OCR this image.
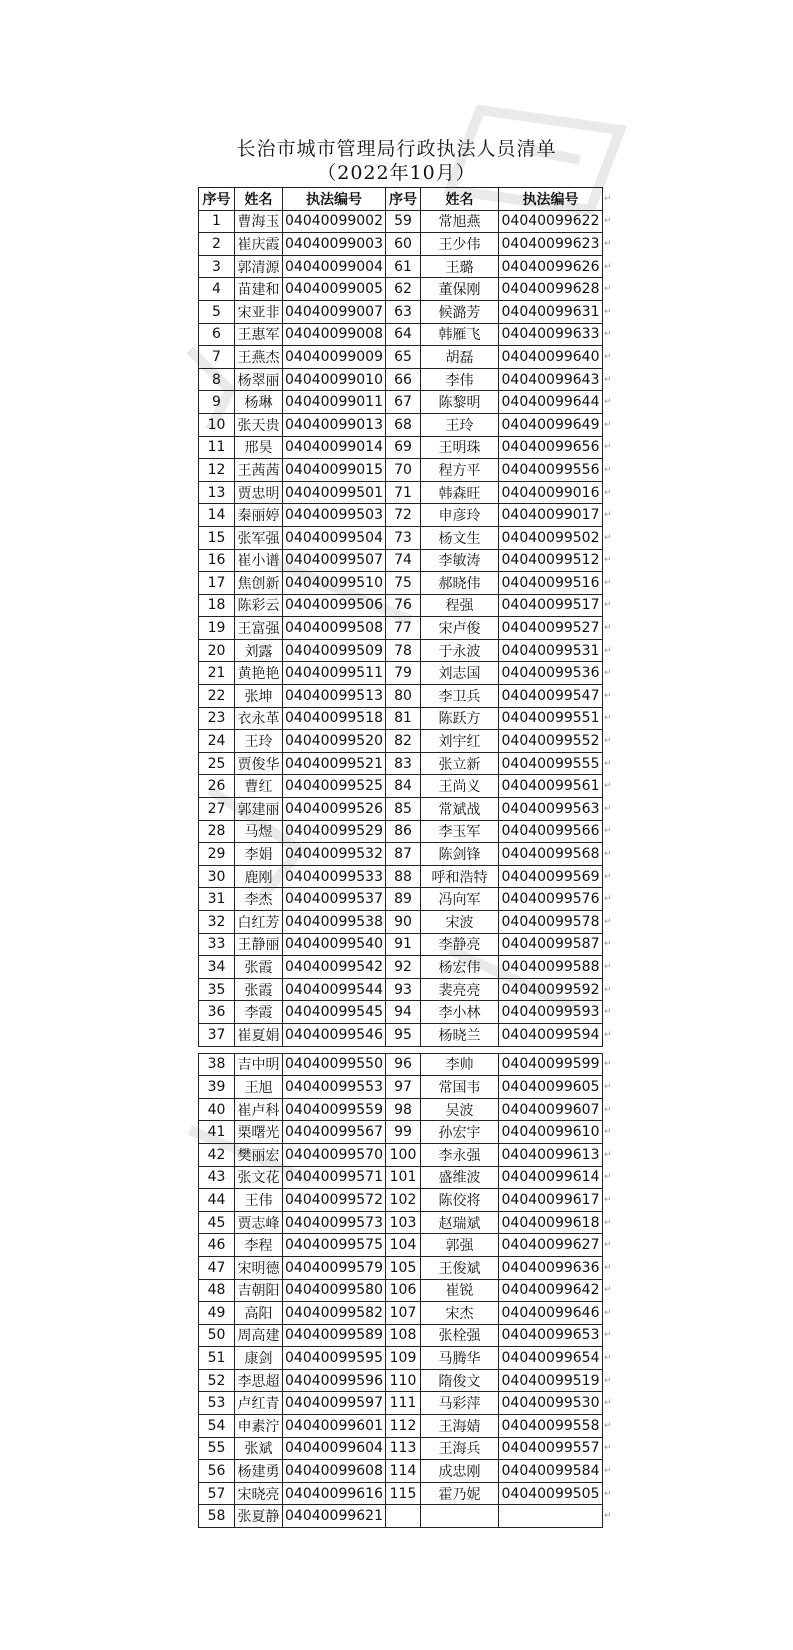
长治市城市管理局行政执法人员清单
（2022年10月）
序号	姓名	执法编号	序号	姓名	执法编号
1	曹海玉	04040099002	59	常旭燕	04040099622
2	崔庆霞	04040099003	60	王少伟	04040099623
3	郭清源	04040099004	61	王璐	04040099626
4	苗建和	04040099005	62	董保刚	04040099628
5	宋亚非	04040099007	63	候潞芳	04040099631
6	王惠军	04040099008	64	韩雁飞	04040099633
7	王燕杰	04040099009	65	胡磊	04040099640
8	杨翠丽	04040099010	66	李伟	04040099643
9	杨琳	04040099011	67	陈黎明	04040099644
10	张天贵	04040099013	68	王玲	04040099649
11	邢昊	04040099014	69	王明珠	04040099656
12	王茜茜	04040099015	70	程方平	04040099556
13	贾忠明	04040099501	71	韩森旺	04040099016
14	秦丽婷	04040099503	72	申彦玲	04040099017
15	张军强	04040099504	73	杨文生	04040099502
16	崔小谱	04040099507	74	李敏涛	04040099512
17	焦创新	04040099510	75	郝晓伟	04040099516
18	陈彩云	04040099506	76	程强	04040099517
19	王富强	04040099508	77	宋卢俊	04040099527
20	刘露	04040099509	78	于永波	04040099531
21	黄艳艳	04040099511	79	刘志国	04040099536
22	张坤	04040099513	80	李卫兵	04040099547
23	衣永革	04040099518	81	陈跃方	04040099551
24	王玲	04040099520	82	刘宇红	04040099552
25	贾俊华	04040099521	83	张立新	04040099555
26	曹红	04040099525	84	王尚义	04040099561
27	郭建丽	04040099526	85	常斌战	04040099563
28	马煜	04040099529	86	李玉军	04040099566
29	李娟	04040099532	87	陈剑锋	04040099568
30	鹿刚	04040099533	88	呼和浩特	04040099569
31	李杰	04040099537	89	冯向军	04040099576
32	白红芳	04040099538	90	宋波	04040099578
33	王静丽	04040099540	91	李静亮	04040099587
34	张霞	04040099542	92	杨宏伟	04040099588
35	张霞	04040099544	93	裴亮亮	04040099592
36	李霞	04040099545	94	李小林	04040099593
37	崔夏娟	04040099546	95	杨晓兰	04040099594

38	吉中明	04040099550	96	李帅	04040099599
39	王旭	04040099553	97	常国韦	04040099605
40	崔卢科	04040099559	98	吴波	04040099607
41	栗曙光	04040099567	99	孙宏宇	04040099610
42	樊丽宏	04040099570	100	李永强	04040099613
43	张文花	04040099571	101	盛维波	04040099614
44	王伟	04040099572	102	陈佼将	04040099617
45	贾志峰	04040099573	103	赵瑞斌	04040099618
46	李程	04040099575	104	郭强	04040099627
47	宋明德	04040099579	105	王俊斌	04040099636
48	吉朝阳	04040099580	106	崔锐	04040099642
49	高阳	04040099582	107	宋杰	04040099646
50	周高建	04040099589	108	张栓强	04040099653
51	康剑	04040099595	109	马腾华	04040099654
52	李思超	04040099596	110	隋俊文	04040099519
53	卢红青	04040099597	111	马彩萍	04040099530
54	申素泞	04040099601	112	王海婧	04040099558
55	张斌	04040099604	113	王海兵	04040099557
56	杨建勇	04040099608	114	成忠刚	04040099584
57	宋晓亮	04040099616	115	霍乃妮	04040099505
58	张夏静	04040099621			
↵
↵
↵
↵
↵
↵
↵
↵
↵
↵
↵
↵
↵
↵
↵
↵
↵
↵
↵
↵
↵
↵
↵
↵
↵
↵
↵
↵
↵
↵
↵
↵
↵
↵
↵
↵
↵
↵
↵
↵
↵
↵
↵
↵
↵
↵
↵
↵
↵
↵
↵
↵
↵
↵
↵
↵
↵
↵
↵
